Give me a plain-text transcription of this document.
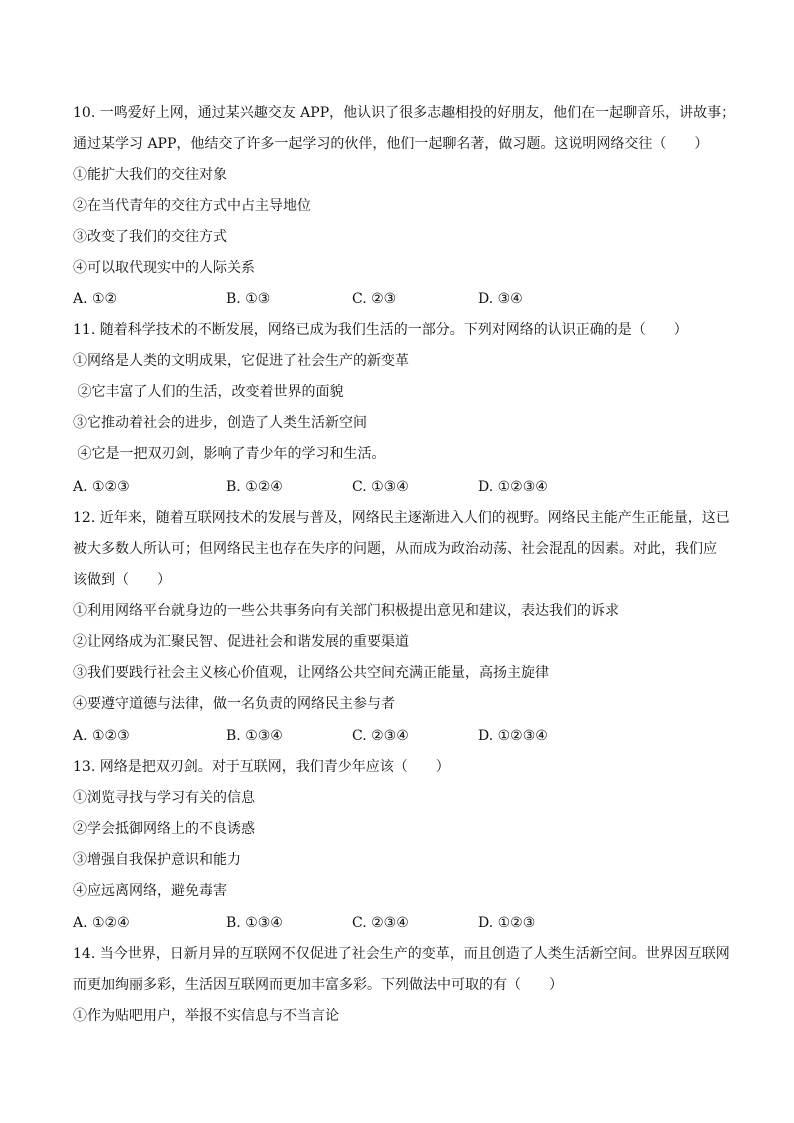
10. 一鸣爱好上网，通过某兴趣交友 APP，他认识了很多志趣相投的好朋友，他们在一起聊音乐，讲故事；
通过某学习 APP，他结交了许多一起学习的伙伴，他们一起聊名著，做习题。这说明网络交往（　　）
①能扩大我们的交往对象
②在当代青年的交往方式中占主导地位
③改变了我们的交往方式
④可以取代现实中的人际关系
A. ①②	B. ①③	C. ②③	D. ③④
11. 随着科学技术的不断发展，网络已成为我们生活的一部分。下列对网络的认识正确的是（　　）
①网络是人类的文明成果，它促进了社会生产的新变革
②它丰富了人们的生活，改变着世界的面貌
③它推动着社会的进步，创造了人类生活新空间
④它是一把双刃剑，影响了青少年的学习和生活。
A. ①②③	B. ①②④	C. ①③④	D. ①②③④
12. 近年来，随着互联网技术的发展与普及，网络民主逐渐进入人们的视野。网络民主能产生正能量，这已
被大多数人所认可；但网络民主也存在失序的问题，从而成为政治动荡、社会混乱的因素。对此，我们应
该做到（　　）
①利用网络平台就身边的一些公共事务向有关部门积极提出意见和建议，表达我们的诉求
②让网络成为汇聚民智、促进社会和谐发展的重要渠道
③我们要践行社会主义核心价值观，让网络公共空间充满正能量，高扬主旋律
④要遵守道德与法律，做一名负责的网络民主参与者
A. ①②③	B. ①③④	C. ②③④	D. ①②③④
13. 网络是把双刃剑。对于互联网，我们青少年应该（　　）
①浏览寻找与学习有关的信息
②学会抵御网络上的不良诱惑
③增强自我保护意识和能力
④应远离网络，避免毒害
A. ①②④	B. ①③④	C. ②③④	D. ①②③
14. 当今世界，日新月异的互联网不仅促进了社会生产的变革，而且创造了人类生活新空间。世界因互联网
而更加绚丽多彩，生活因互联网而更加丰富多彩。下列做法中可取的有（　　）
①作为贴吧用户，举报不实信息与不当言论
